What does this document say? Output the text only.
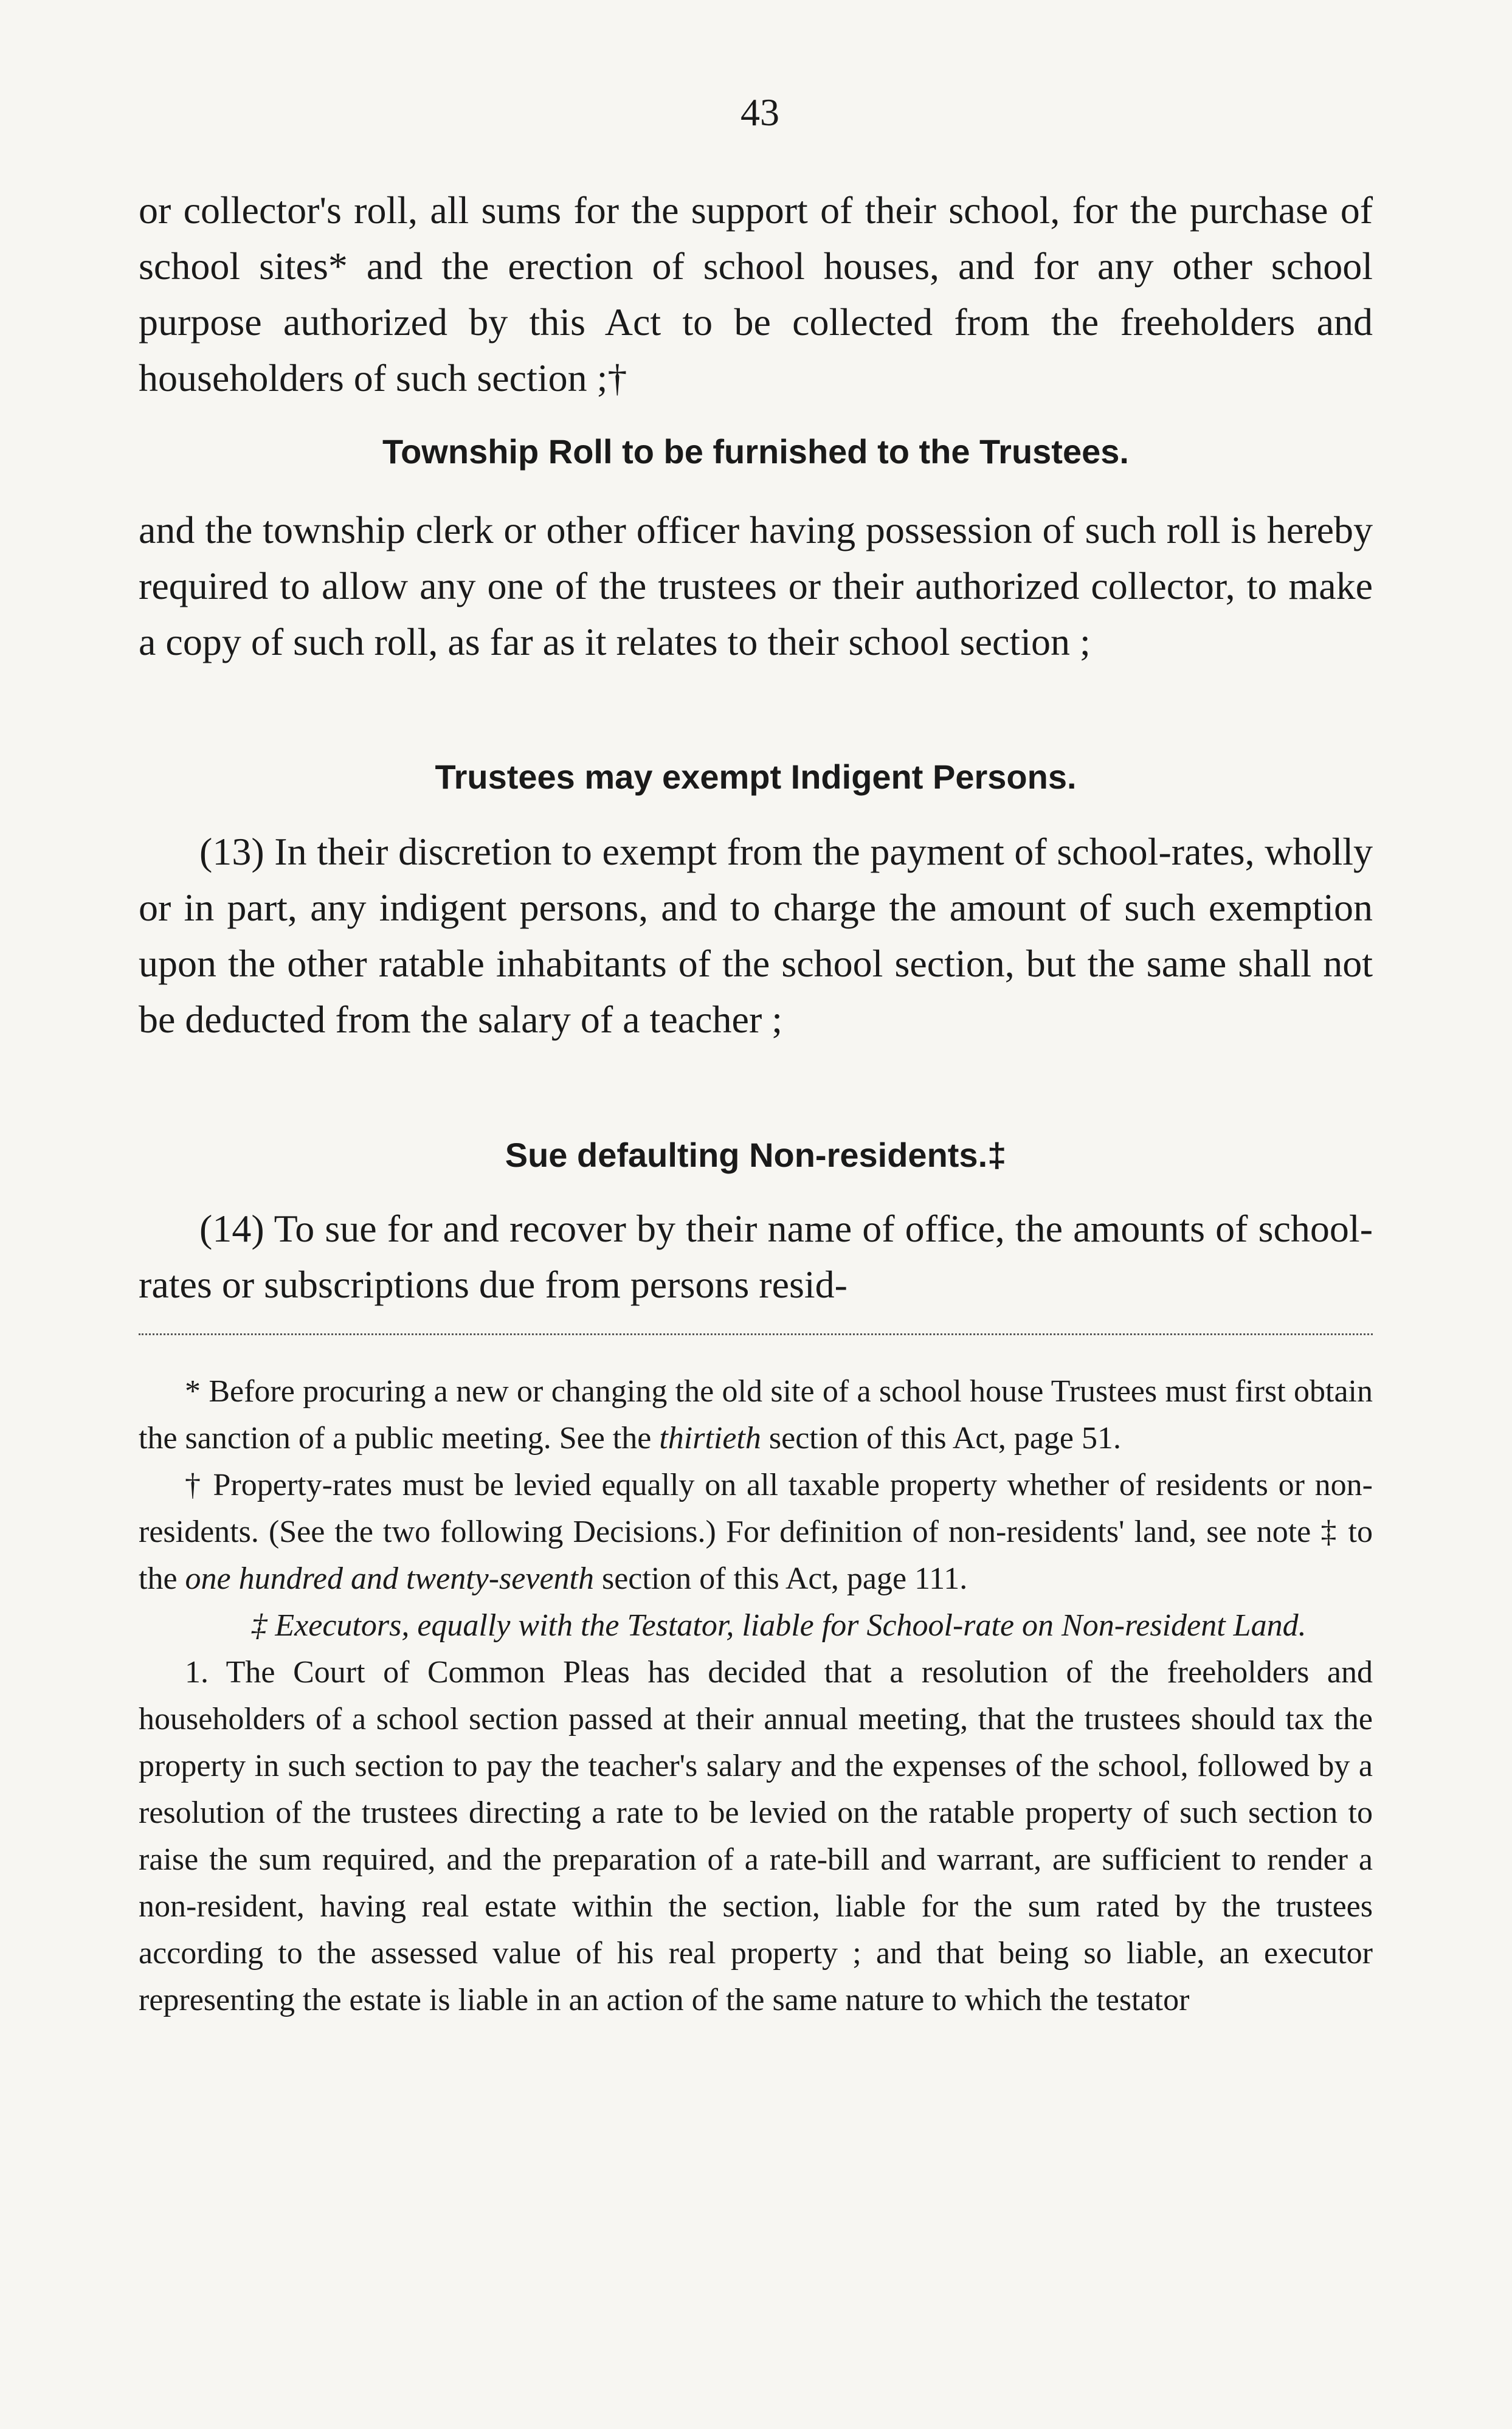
43

or collector's roll, all sums for the support of their school, for the purchase of school sites* and the erection of school houses, and for any other school purpose authorized by this Act to be collected from the freeholders and householders of such section ;†

Township Roll to be furnished to the Trustees.

and the township clerk or other officer having possession of such roll is hereby required to allow any one of the trustees or their authorized collector, to make a copy of such roll, as far as it relates to their school section ;

Trustees may exempt Indigent Persons.

(13) In their discretion to exempt from the payment of school-rates, wholly or in part, any indigent persons, and to charge the amount of such exemption upon the other ratable inhabitants of the school section, but the same shall not be deducted from the salary of a teacher ;

Sue defaulting Non-residents.‡

(14) To sue for and recover by their name of office, the amounts of school-rates or subscriptions due from persons resid-

* Before procuring a new or changing the old site of a school house Trustees must first obtain the sanction of a public meeting. See the thirtieth section of this Act, page 51.

† Property-rates must be levied equally on all taxable property whether of residents or non-residents. (See the two following Decisions.) For definition of non-residents' land, see note ‡ to the one hundred and twenty-seventh section of this Act, page 111.

‡ Executors, equally with the Testator, liable for School-rate on Non-resident Land.

1. The Court of Common Pleas has decided that a resolution of the freeholders and householders of a school section passed at their annual meeting, that the trustees should tax the property in such section to pay the teacher's salary and the expenses of the school, followed by a resolution of the trustees directing a rate to be levied on the ratable property of such section to raise the sum required, and the preparation of a rate-bill and warrant, are sufficient to render a non-resident, having real estate within the section, liable for the sum rated by the trustees according to the assessed value of his real property ; and that being so liable, an executor representing the estate is liable in an action of the same nature to which the testator
